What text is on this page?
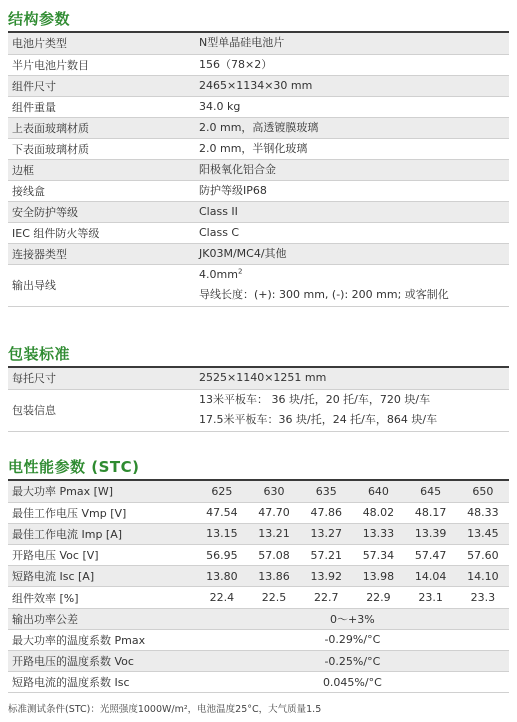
结构参数
电池片类型	N型单晶硅电池片

半片电池片数目	156（78×2）

组件尺寸	2465×1134×30 mm

组件重量	34.0 kg

上表面玻璃材质	2.0 mm，高透镀膜玻璃

下表面玻璃材质	2.0 mm，半钢化玻璃

边框	阳极氧化铝合金

接线盒	防护等级IP68

安全防护等级	Class II

IEC 组件防火等级	Class C

连接器类型	JK03M/MC4/其他

输出导线	$4.0mm^2$
导线长度：(+): 300 mm, (-): 200 mm; 或客制化
包装标准
每托尺寸	2525×1140×1251 mm

包装信息	13米平板车： 36 块/托，20 托/车，720 块/车
17.5米平板车：36 块/托，24 托/车，864 块/车
电性能参数 (STC)
最大功率 Pmax [W]	625	630	635	640	645	650
最佳工作电压 Vmp [V]	47.54	47.70	47.86	48.02	48.17	48.33
最佳工作电流 Imp [A]	13.15	13.21	13.27	13.33	13.39	13.45
开路电压 Voc [V]	56.95	57.08	57.21	57.34	57.47	57.60
短路电流 Isc [A]	13.80	13.86	13.92	13.98	14.04	14.10
组件效率 [%]	22.4	22.5	22.7	22.9	23.1	23.3
输出功率公差	0～+3%					
最大功率的温度系数 Pmax	-0.29%/°C					
开路电压的温度系数 Voc	-0.25%/°C					
短路电流的温度系数 Isc	0.045%/°C					
标准测试条件(STC)：光照强度1000W/m²，电池温度25°C，大气质量1.5
